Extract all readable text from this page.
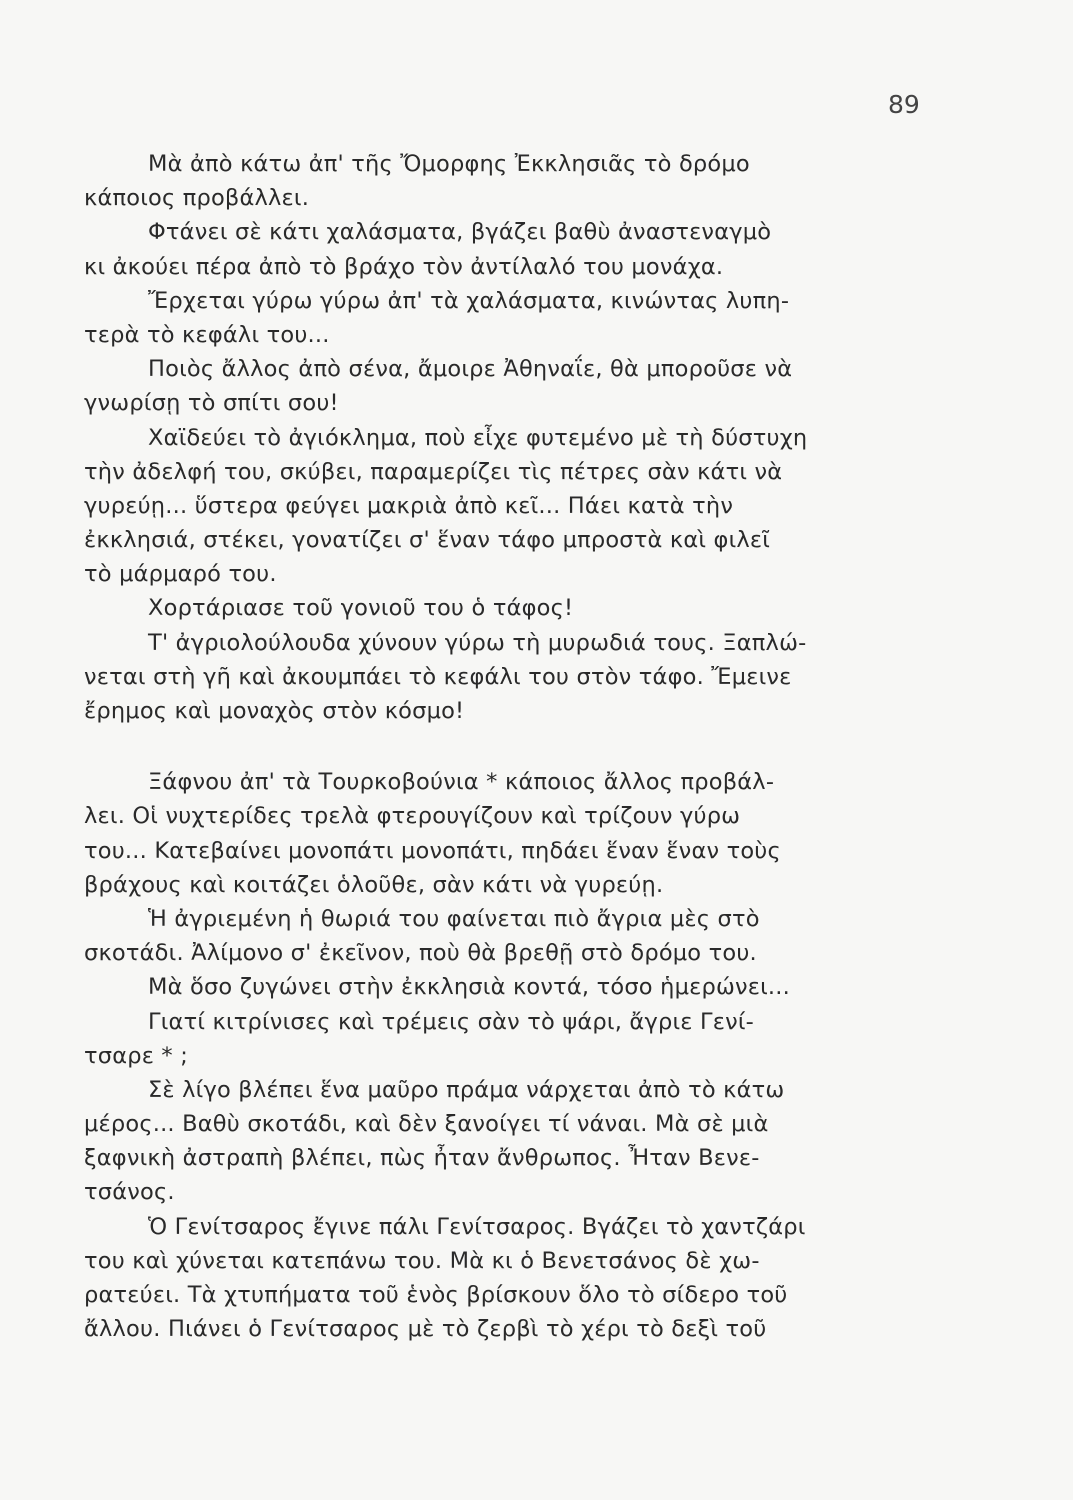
89
Μὰ ἀπὸ κάτω ἀπ' τῆς Ὄμορφης Ἐκκλησιᾶς τὸ δρόμο
κάποιος προβάλλει.
Φτάνει σὲ κάτι χαλάσματα, βγάζει βαθὺ ἀναστεναγμὸ
κι ἀκούει πέρα ἀπὸ τὸ βράχο τὸν ἀντίλαλό του μονάχα.
Ἔρχεται γύρω γύρω ἀπ' τὰ χαλάσματα, κινώντας λυπη-
τερὰ τὸ κεφάλι του...
Ποιὸς ἄλλος ἀπὸ σένα, ἄμοιρε Ἀθηναΐε, θὰ μποροῦσε νὰ
γνωρίσῃ τὸ σπίτι σου!
Χαϊδεύει τὸ ἀγιόκλημα, ποὺ εἶχε φυτεμένο μὲ τὴ δύστυχη
τὴν ἀδελφή του, σκύβει, παραμερίζει τὶς πέτρες σὰν κάτι νὰ
γυρεύῃ... ὕστερα φεύγει μακριὰ ἀπὸ κεῖ... Πάει κατὰ τὴν
ἐκκλησιά, στέκει, γονατίζει σ' ἕναν τάφο μπροστὰ καὶ φιλεῖ
τὸ μάρμαρό του.
Χορτάριασε τοῦ γονιοῦ του ὁ τάφος!
Τ' ἀγριολούλουδα χύνουν γύρω τὴ μυρωδιά τους. Ξαπλώ-
νεται στὴ γῆ καὶ ἀκουμπάει τὸ κεφάλι του στὸν τάφο. Ἔμεινε
ἔρημος καὶ μοναχὸς στὸν κόσμο!
Ξάφνου ἀπ' τὰ Τουρκοβούνια * κάποιος ἄλλος προβάλ-
λει. Οἱ νυχτερίδες τρελὰ φτερουγίζουν καὶ τρίζουν γύρω
του... Κατεβαίνει μονοπάτι μονοπάτι, πηδάει ἕναν ἕναν τοὺς
βράχους καὶ κοιτάζει ὁλοῦθε, σὰν κάτι νὰ γυρεύῃ.
Ἡ ἀγριεμένη ἡ θωριά του φαίνεται πιὸ ἄγρια μὲς στὸ
σκοτάδι. Ἀλίμονο σ' ἐκεῖνον, ποὺ θὰ βρεθῇ στὸ δρόμο του.
Μὰ ὅσο ζυγώνει στὴν ἐκκλησιὰ κοντά, τόσο ἡμερώνει...
Γιατί κιτρίνισες καὶ τρέμεις σὰν τὸ ψάρι, ἄγριε Γενί-
τσαρε * ;
Σὲ λίγο βλέπει ἕνα μαῦρο πράμα νάρχεται ἀπὸ τὸ κάτω
μέρος... Βαθὺ σκοτάδι, καὶ δὲν ξανοίγει τί νάναι. Μὰ σὲ μιὰ
ξαφνικὴ ἀστραπὴ βλέπει, πὼς ἦταν ἄνθρωπος. Ἦταν Βενε-
τσάνος.
Ὁ Γενίτσαρος ἔγινε πάλι Γενίτσαρος. Βγάζει τὸ χαντζάρι
του καὶ χύνεται κατεπάνω του. Μὰ κι ὁ Βενετσάνος δὲ χω-
ρατεύει. Τὰ χτυπήματα τοῦ ἑνὸς βρίσκουν ὅλο τὸ σίδερο τοῦ
ἄλλου. Πιάνει ὁ Γενίτσαρος μὲ τὸ ζερβὶ τὸ χέρι τὸ δεξὶ τοῦ
